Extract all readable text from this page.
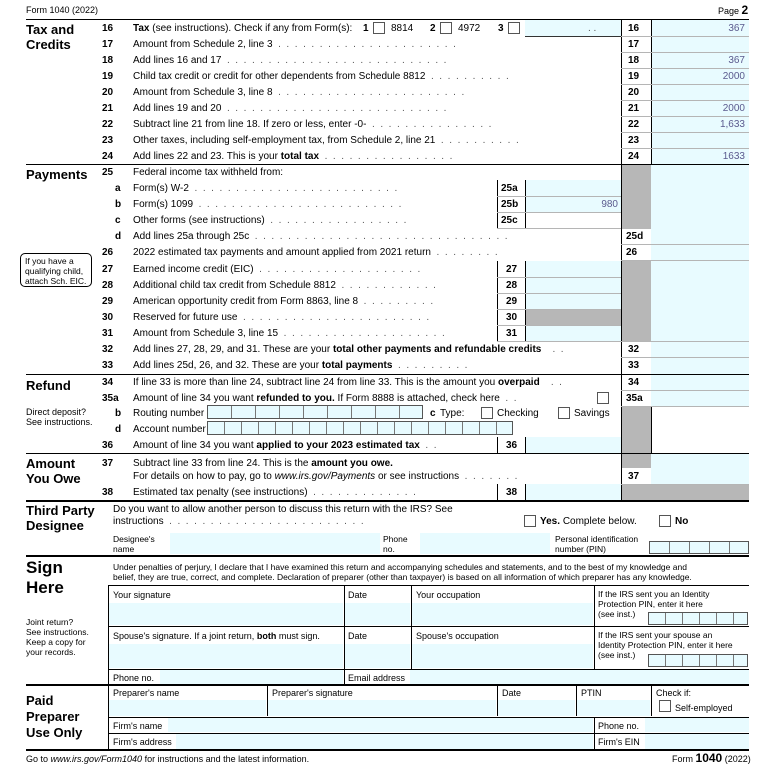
Form 1040 (2022)	Page 2
Tax and
Credits
16 Tax (see instructions). Check if any from Form(s): 1 8814 2 4972 3	. .	16	367
17 Amount from Schedule 2, line 3  .  .  .  .  .  .  .  .  .  .  .  .  .  .  .  .  .  .  .  .  .  .	17
18 Add lines 16 and 17  .  .  .  .  .  .  .  .  .  .  .  .  .  .  .  .  .  .  .  .  .  .  .  .  .  .  .	18	367
19 Child tax credit or credit for other dependents from Schedule 8812  .  .  .  .  .  .  .  .  .  .	19	2000
20 Amount from Schedule 3, line 8  .  .  .  .  .  .  .  .  .  .  .  .  .  .  .  .  .  .  .  .  .  .  .	20
21 Add lines 19 and 20  .  .  .  .  .  .  .  .  .  .  .  .  .  .  .  .  .  .  .  .  .  .  .  .  .  .  .	21	2000
22 Subtract line 21 from line 18. If zero or less, enter -0-  .  .  .  .  .  .  .  .  .  .  .  .  .  .  .	22	1,633
23 Other taxes, including self-employment tax, from Schedule 2, line 21  .  .  .  .  .  .  .  .  .  .	23
24 Add lines 22 and 23. This is your total tax  .  .  .  .  .  .  .  .  .  .  .  .  .  .  .  .	24	1633
Payments 25 Federal income tax withheld from:
a Form(s) W-2  .  .  .  .  .  .  .  .  .  .  .  .  .  .  .  .  .  .  .  .  .  .  .  .  .	25a
b Form(s) 1099  .  .  .  .  .  .  .  .  .  .  .  .  .  .  .  .  .  .  .  .  .  .  .  .  .	25b	980
c Other forms (see instructions)  .  .  .  .  .  .  .  .  .  .  .  .  .  .  .  .  .	25c
d Add lines 25a through 25c  .  .  .  .  .  .  .  .  .  .  .  .  .  .  .  .  .  .  .  .  .  .  .  .  .  .  .  .  .  .  .	25d
If you have a
qualifying child,
attach Sch. EIC.
26 2022 estimated tax payments and amount applied from 2021 return  .  .  .  .  .  .  .  .	26
27 Earned income credit (EIC)  .  .  .  .  .  .  .  .  .  .  .  .  .  .  .  .  .  .  .  .	27
28 Additional child tax credit from Schedule 8812  .  .  .  .  .  .  .  .  .  .  .  .	28
29 American opportunity credit from Form 8863, line 8  .  .  .  .  .  .  .  .  .	29
30 Reserved for future use  .  .  .  .  .  .  .  .  .  .  .  .  .  .  .  .  .  .  .  .  .  .  .	30
31 Amount from Schedule 3, line 15  .  .  .  .  .  .  .  .  .  .  .  .  .  .  .  .  .  .  .  .	31
32 Add lines 27, 28, 29, and 31. These are your total other payments and refundable credits    .  .	32
33 Add lines 25d, 26, and 32. These are your total payments  .  .  .  .  .  .  .  .  .	33
Refund
Direct deposit?
See instructions.
34 If line 33 is more than line 24, subtract line 24 from line 33. This is the amount you overpaid    .  .	34
35a Amount of line 34 you want refunded to you. If Form 8888 is attached, check here  .  .	35a
b Routing number	c Type:	Checking	Savings
d Account number
36 Amount of line 34 you want applied to your 2023 estimated tax  .  .	36
Amount
You Owe
37 Subtract line 33 from line 24. This is the amount you owe.
For details on how to pay, go to www.irs.gov/Payments or see instructions  .  .  .  .  .  .  .	37
38 Estimated tax penalty (see instructions)  .  .  .  .  .  .  .  .  .  .  .  .  .	38
Third Party
Designee
Do you want to allow another person to discuss this return with the IRS? See
instructions  .  .  .  .  .  .  .  .  .  .  .  .  .  .  .  .  .  .  .  .  .  .  .  .	Yes. Complete below.	No
Designee's
name
Phone
no.
Personal identification
number (PIN)
Sign
Here
Under penalties of perjury, I declare that I have examined this return and accompanying schedules and statements, and to the best of my knowledge and
belief, they are true, correct, and complete. Declaration of preparer (other than taxpayer) is based on all information of which preparer has any knowledge.
Your signature	Date	Your occupation	If the IRS sent you an Identity
Protection PIN, enter it here
(see inst.)
Joint return?
See instructions.
Keep a copy for
your records.
Spouse's signature. If a joint return, both must sign.	Date	Spouse's occupation	If the IRS sent your spouse an
Identity Protection PIN, enter it here
(see inst.)
Phone no.	Email address
Paid
Preparer
Use Only
Preparer's name	Preparer's signature	Date	PTIN	Check if:
Self-employed
Firm's name	Phone no.
Firm's address	Firm's EIN
Go to www.irs.gov/Form1040 for instructions and the latest information.	Form 1040 (2022)
